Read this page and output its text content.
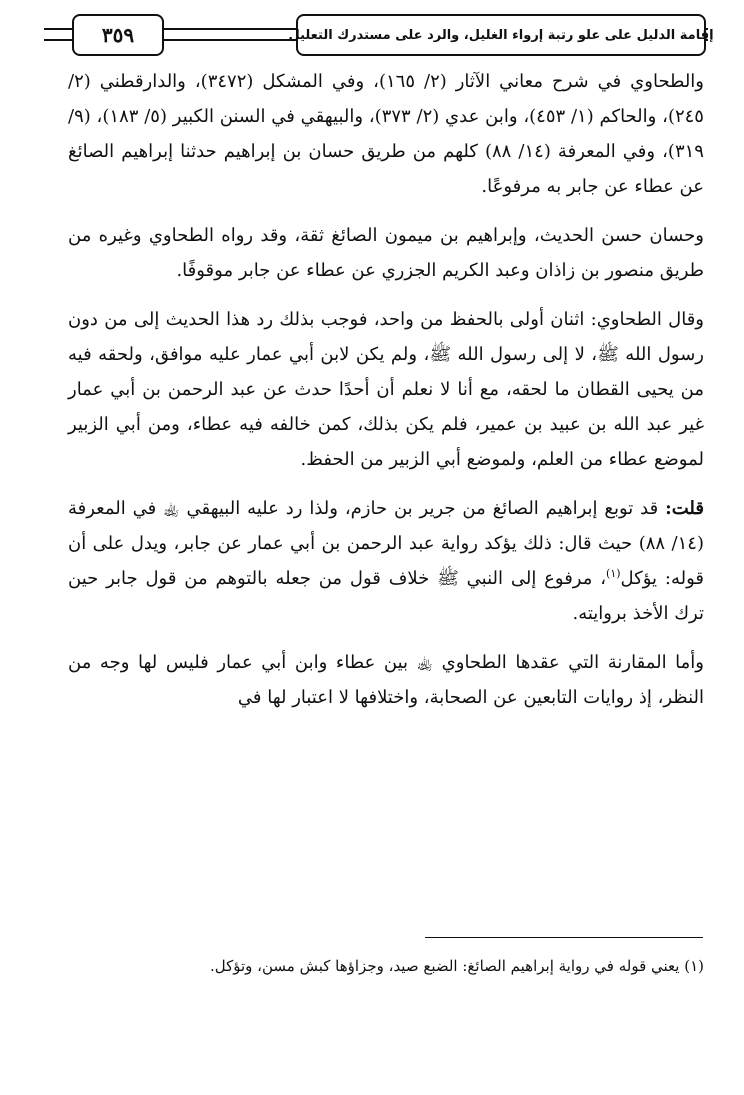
٣٥٩	إقامة الدليل على علو رتبة إرواء الغليل، والرد على مستدرك التعليل

والطحاوي في شرح معاني الآثار (٢/ ١٦٥)، وفي المشكل (٣٤٧٢)، والدارقطني (٢/ ٢٤٥)، والحاكم (١/ ٤٥٣)، وابن عدي (٢/ ٣٧٣)، والبيهقي في السنن الكبير (٥/ ١٨٣)، (٩/ ٣١٩)، وفي المعرفة (١٤/ ٨٨) كلهم من طريق حسان بن إبراهيم حدثنا إبراهيم الصائغ عن عطاء عن جابر به مرفوعًا.

وحسان حسن الحديث، وإبراهيم بن ميمون الصائغ ثقة، وقد رواه الطحاوي وغيره من طريق منصور بن زاذان وعبد الكريم الجزري عن عطاء عن جابر موقوفًا.

وقال الطحاوي: اثنان أولى بالحفظ من واحد، فوجب بذلك رد هذا الحديث إلى من دون رسول الله ﷺ، لا إلى رسول الله ﷺ، ولم يكن لابن أبي عمار عليه موافق، ولحقه فيه من يحيى القطان ما لحقه، مع أنا لا نعلم أن أحدًا حدث عن عبد الرحمن بن أبي عمار غير عبد الله بن عبيد بن عمير، فلم يكن بذلك، كمن خالفه فيه عطاء، ومن أبي الزبير لموضع عطاء من العلم، ولموضع أبي الزبير من الحفظ.

قلت: قد توبع إبراهيم الصائغ من جرير بن حازم، ولذا رد عليه البيهقي ﵀ في المعرفة (١٤/ ٨٨) حيث قال: ذلك يؤكد رواية عبد الرحمن بن أبي عمار عن جابر، ويدل على أن قوله: يؤكل$^{(١)}$، مرفوع إلى النبي ﷺ خلاف قول من جعله بالتوهم من قول جابر حين ترك الأخذ بروايته.

وأما المقارنة التي عقدها الطحاوي ﵀ بين عطاء وابن أبي عمار فليس لها وجه من النظر، إذ روايات التابعين عن الصحابة، واختلافها لا اعتبار لها في

(١) يعني قوله في رواية إبراهيم الصائغ: الضبع صيد، وجزاؤها كبش مسن، وتؤكل.
